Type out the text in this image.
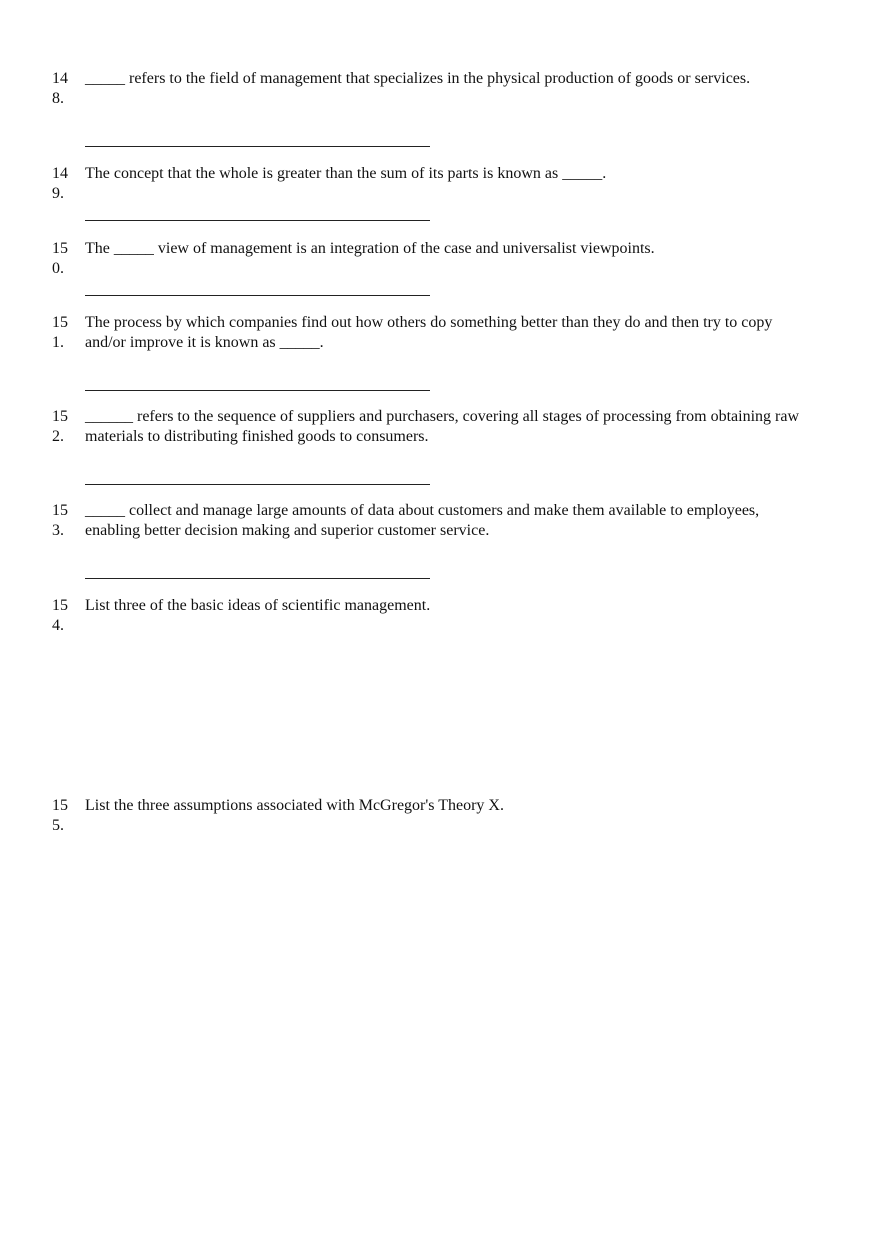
14
8.
_____ refers to the field of management that specializes in the physical production of goods or services.
14
9.
The concept that the whole is greater than the sum of its parts is known as _____.
15
0.
The _____ view of management is an integration of the case and universalist viewpoints.
15
1.
The process by which companies find out how others do something better than they do and then try to copy and/or improve it is known as _____.
15
2.
______ refers to the sequence of suppliers and purchasers, covering all stages of processing from obtaining raw materials to distributing finished goods to consumers.
15
3.
_____ collect and manage large amounts of data about customers and make them available to employees, enabling better decision making and superior customer service.
15
4.
List three of the basic ideas of scientific management.
15
5.
List the three assumptions associated with McGregor's Theory X.
